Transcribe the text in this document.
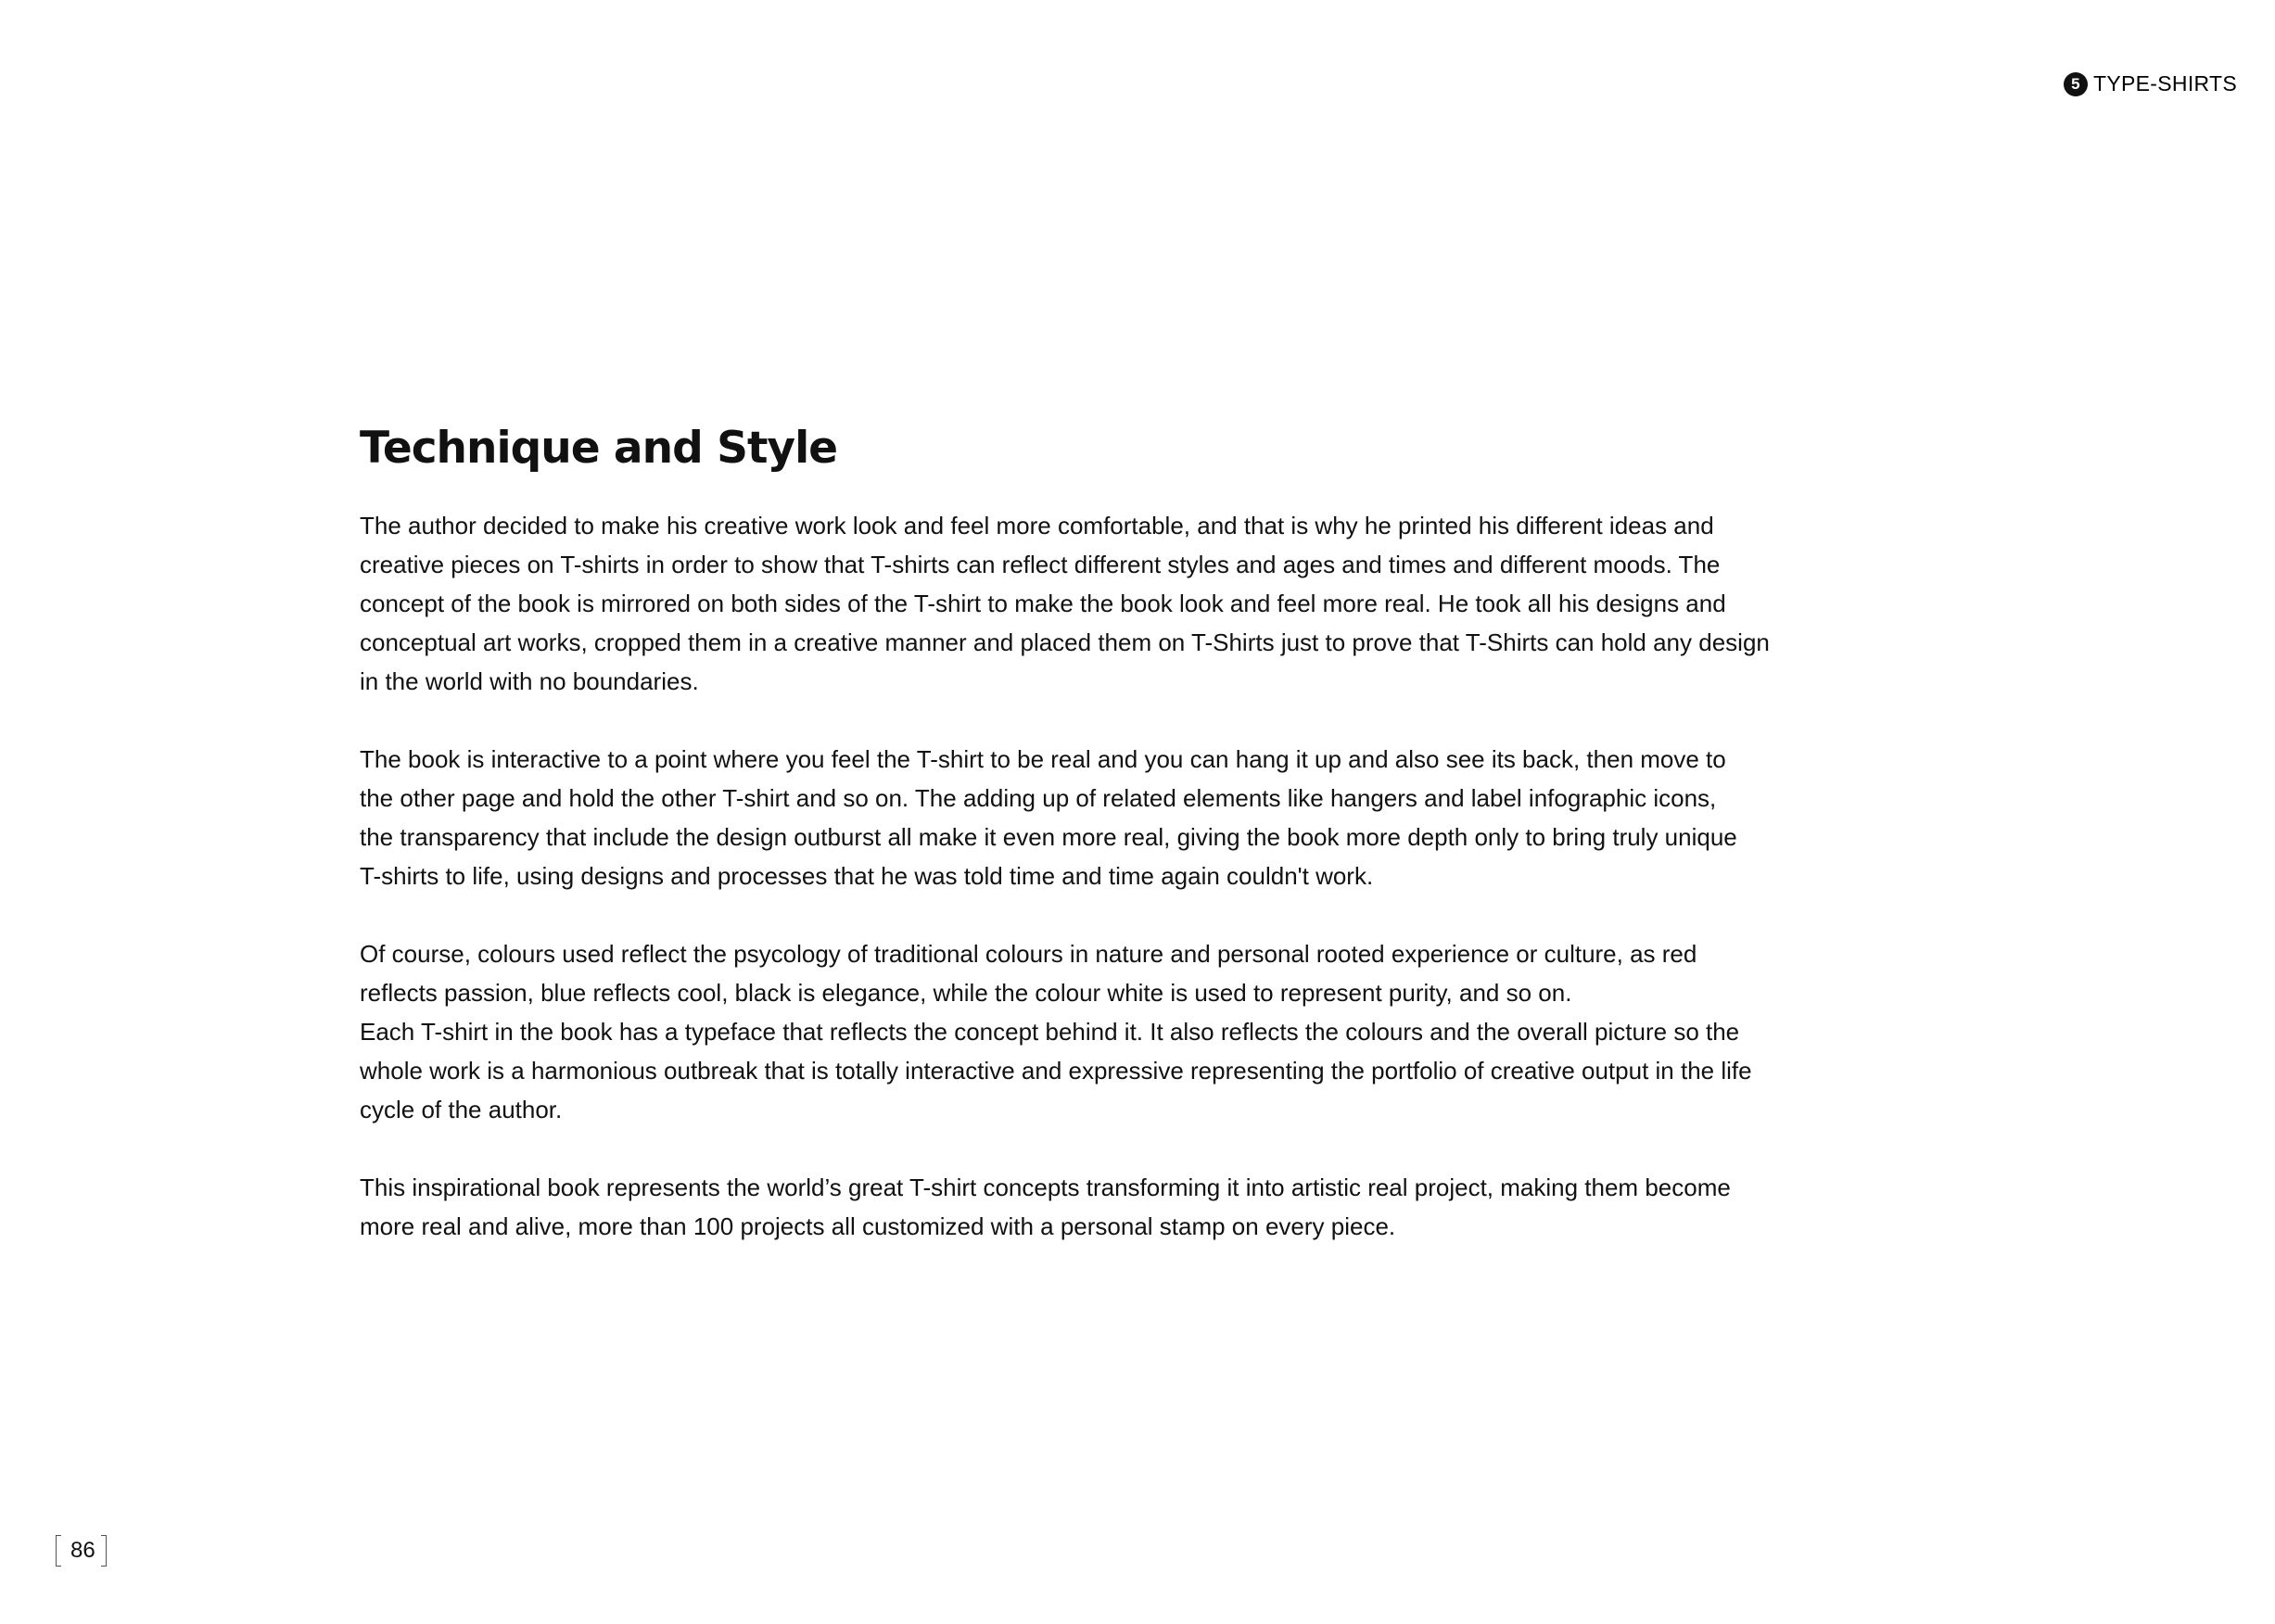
5 TYPE-SHIRTS
Technique and Style

The author decided to make his creative work look and feel more comfortable, and that is why he printed his different ideas and
creative pieces on T-shirts in order to show that T-shirts can reflect different styles and ages and times and different moods. The
concept of the book is mirrored on both sides of the T-shirt to make the book look and feel more real. He took all his designs and
conceptual art works, cropped them in a creative manner and placed them on T-Shirts just to prove that T-Shirts can hold any design
in the world with no boundaries.

The book is interactive to a point where you feel the T-shirt to be real and you can hang it up and also see its back, then move to
the other page and hold the other T-shirt and so on. The adding up of related elements like hangers and label infographic icons,
the transparency that include the design outburst all make it even more real, giving the book more depth only to bring truly unique
T-shirts to life, using designs and processes that he was told time and time again couldn't work.

Of course, colours used reflect the psycology of traditional colours in nature and personal rooted experience or culture, as red
reflects passion, blue reflects cool, black is elegance, while the colour white is used to represent purity, and so on.

Each T-shirt in the book has a typeface that reflects the concept behind it. It also reflects the colours and the overall picture so the
whole work is a harmonious outbreak that is totally interactive and expressive representing the portfolio of creative output in the life
cycle of the author.

This inspirational book represents the world’s great T-shirt concepts transforming it into artistic real project, making them become
more real and alive, more than 100 projects all customized with a personal stamp on every piece.

86
